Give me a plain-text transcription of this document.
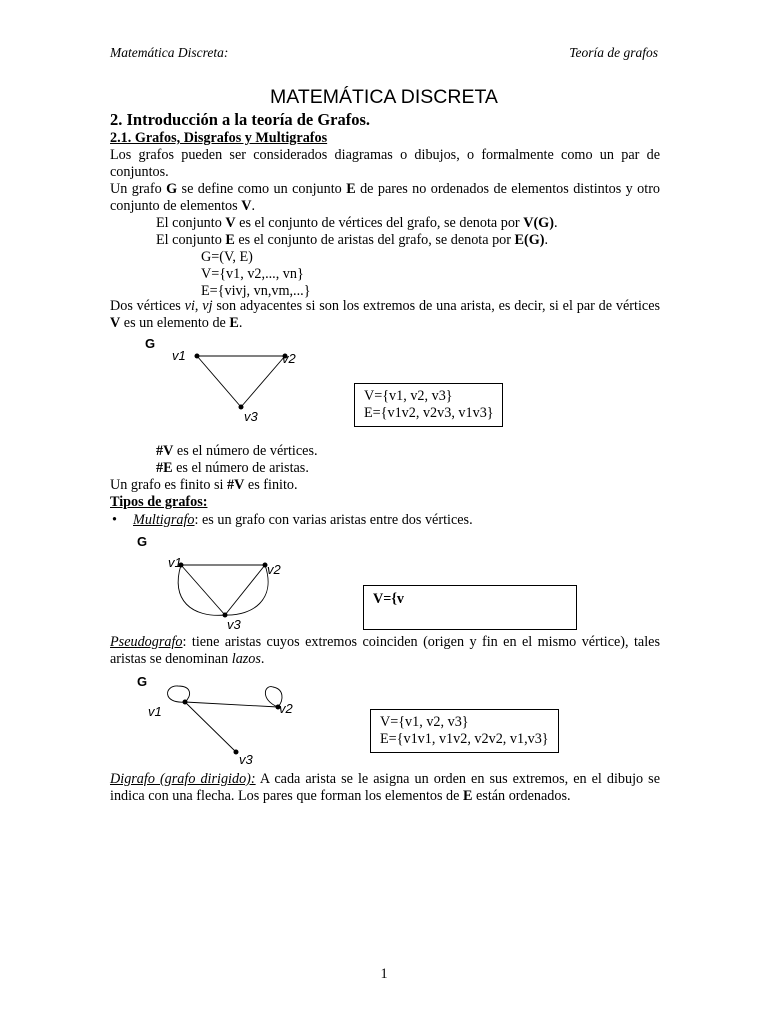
Matemática Discreta:	Teoría de grafos
MATEMÁTICA DISCRETA
2. Introducción a la teoría de Grafos.
2.1. Grafos, Disgrafos y Multigrafos
Los grafos pueden ser considerados diagramas o dibujos, o formalmente como un par de conjuntos.
Un grafo G se define como un conjunto E de pares no ordenados de elementos distintos y otro conjunto de elementos V.
El conjunto V es el conjunto de vértices del grafo, se denota por V(G).
El conjunto E es el conjunto de aristas del grafo, se denota por E(G).
G=(V, E)
V={v1, v2,..., vn}
E={vivj, vn,vm,...}
Dos vértices vi, vj son adyacentes si son los extremos de una arista, es decir, si el par de vértices V es un elemento de E.
G
v1	v2
v3
V={v1, v2, v3}
E={v1v2, v2v3, v1v3}
#V es el número de vértices.
#E es el número de aristas.
Un grafo es finito si #V es finito.
Tipos de grafos:
• Multigrafo: es un grafo con varias aristas entre dos vértices.
G
v1	v2
v3
V={v
Pseudografo: tiene aristas cuyos extremos coinciden (origen y fin en el mismo vértice), tales aristas se denominan lazos.
G
v1	v2
v3
V={v1, v2, v3}
E={v1v1, v1v2, v2v2, v1,v3}
Digrafo (grafo dirigido): A cada arista se le asigna un orden en sus extremos, en el dibujo se indica con una flecha. Los pares que forman los elementos de E están ordenados.
1
